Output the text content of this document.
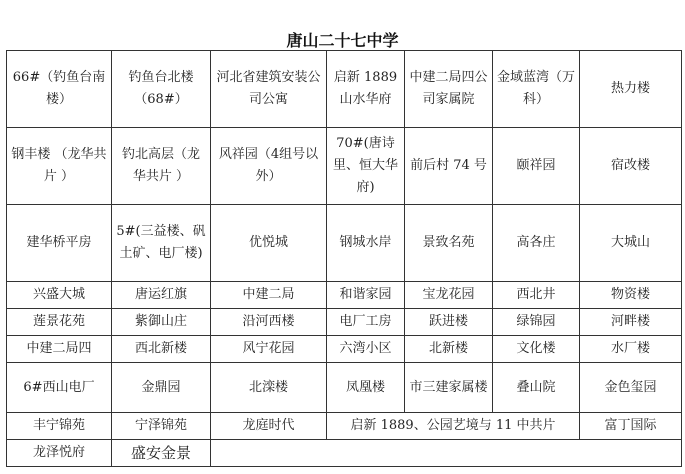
唐山二十七中学
66#（钓鱼台南楼）	钓鱼台北楼（68#）	河北省建筑安装公司公寓	启新 1889 山水华府	中建二局四公司家属院	金域蓝湾（万科）	热力楼
钢丰楼 （龙华共片 ）	钓北高层（龙华共片 ）	风祥园（4组号以外）	70#(唐诗里、恒大华府)	前后村 74 号	颐祥园	宿改楼
建华桥平房	5#(三益楼、矾土矿、电厂楼)	优悦城	钢城水岸	景致名苑	高各庄	大城山
兴盛大城	唐运红旗	中建二局	和谐家园	宝龙花园	西北井	物资楼
莲景花苑	紫御山庄	沿河西楼	电厂工房	跃进楼	绿锦园	河畔楼
中建二局四	西北新楼	风宁花园	六湾小区	北新楼	文化楼	水厂楼
6#西山电厂	金鼎园	北滦楼	凤凰楼	市三建家属楼	叠山院	金色玺园
丰宁锦苑	宁泽锦苑	龙庭时代	启新 1889、公园艺境与 11 中共片			富丁国际
龙泽悦府	盛安金景					
